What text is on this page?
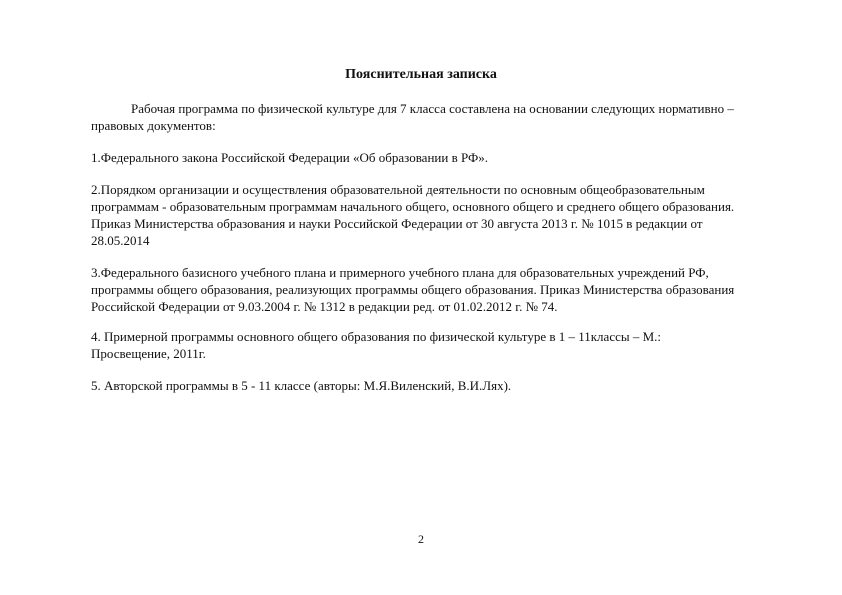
Пояснительная записка

Рабочая программа по физической культуре для 7 класса составлена на основании следующих нормативно –
правовых документов:

1.Федерального закона Российской Федерации «Об образовании в РФ».

2.Порядком организации и осуществления образовательной деятельности по основным общеобразовательным
программам - образовательным программам начального общего, основного общего и среднего общего образования.
Приказ Министерства образования и науки Российской Федерации от 30 августа 2013 г. № 1015 в редакции от
28.05.2014

3.Федерального базисного учебного плана и примерного учебного плана для образовательных учреждений РФ,
программы общего образования, реализующих программы общего образования. Приказ Министерства образования
Российской Федерации от 9.03.2004 г. № 1312 в редакции ред. от 01.02.2012 г. № 74.

4. Примерной программы основного общего образования по физической культуре в 1 – 11классы – М.:
Просвещение, 2011г.

5. Авторской программы в 5 - 11 классе (авторы: М.Я.Виленский, В.И.Лях).

2
